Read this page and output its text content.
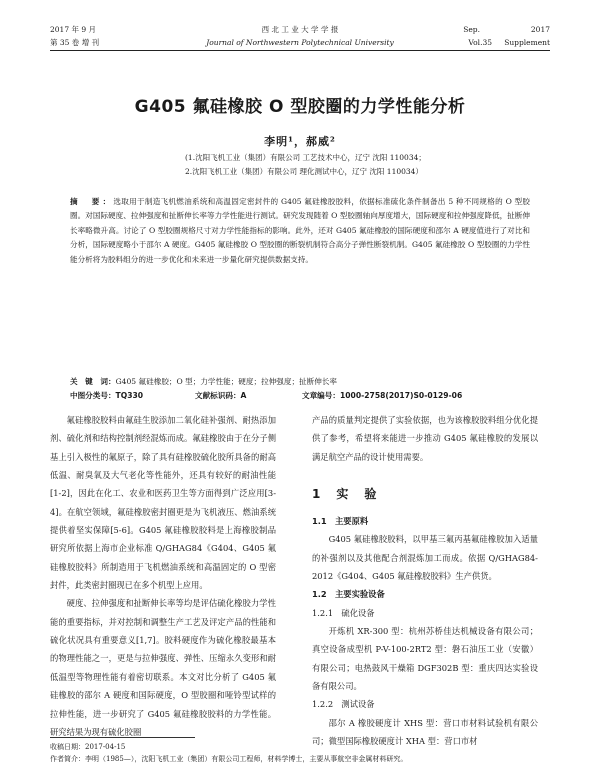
2017 年 9 月	西 北 工 业 大 学 学 报	Sep.	2017
第 35 卷 增 刊	Journal of Northwestern Polytechnical University	Vol.35 Supplement
G405 氟硅橡胶 O 型胶圈的力学性能分析
李明¹，郝威²
(1.沈阳飞机工业（集团）有限公司 工艺技术中心，辽宁 沈阳 110034；
2.沈阳飞机工业（集团）有限公司 理化测试中心，辽宁 沈阳 110034）
摘　要：选取用于制造飞机燃油系统和高温固定密封件的 G405 氟硅橡胶胶料，依据标准硫化条件制备出 5 种不同规格的 O 型胶圈。对国际硬度、拉伸强度和扯断伸长率等力学性能进行测试。研究发现随着 O 型胶圈轴向厚度增大，国际硬度和拉伸强度降低，扯断伸长率略微升高。讨论了 O 型胶圈规格尺寸对力学性能指标的影响。此外，还对 G405 氟硅橡胶的国际硬度和邵尔 A 硬度值进行了对比和分析，国际硬度略小于邵尔 A 硬度。G405 氟硅橡胶 O 型胶圈的断裂机制符合高分子弹性断裂机制。G405 氟硅橡胶 O 型胶圈的力学性能分析将为胶料组分的进一步优化和未来进一步量化研究提供数据支持。
关　键　词：G405 氟硅橡胶；O 型；力学性能；硬度；拉伸强度；扯断伸长率
中图分类号：TQ330	文献标识码：A	文章编号：1000-2758(2017)S0-0129-06

氟硅橡胶胶料由氟硅生胶添加二氧化硅补强剂、耐热添加剂、硫化剂和结构控制剂经混炼而成。氟硅橡胶由于在分子侧基上引入极性的氟原子，除了具有硅橡胶硫化胶所具备的耐高低温、耐臭氧及大气老化等性能外，还具有较好的耐油性能[1-2]，因此在化工、农业和医药卫生等方面得到广泛应用[3-4]。在航空领域，氟硅橡胶密封圈更是为飞机液压、燃油系统提供着坚实保障[5-6]。G405 氟硅橡胶胶料是上海橡胶制品研究所依据上海市企业标准 Q/GHAG84《G404、G405 氟硅橡胶胶料》所制造用于飞机燃油系统和高温固定的 O 型密封件，此类密封圈现已在多个机型上应用。

硬度、拉伸强度和扯断伸长率等均是评估硫化橡胶力学性能的重要指标，并对控制和调整生产工艺及评定产品的性能和硫化状况具有重要意义[1,7]。胶料硬度作为硫化橡胶最基本的物理性能之一，更是与拉伸强度、弹性、压缩永久变形和耐低温型等物理性能有着密切联系。本文对比分析了 G405 氟硅橡胶的邵尔 A 硬度和国际硬度，O 型胶圈和哑铃型试样的拉伸性能，进一步研究了 G405 氟硅橡胶胶料的力学性能。研究结果为现有硫化胶圈

产品的质量判定提供了实验依据，也为该橡胶胶料组分优化提供了参考，希望将来能进一步推动 G405 氟硅橡胶的发展以满足航空产品的设计使用需要。

1　实　验
1.1　主要原料

G405 氟硅橡胶胶料，以甲基三氟丙基氟硅橡胶加入适量的补强剂以及其他配合剂混炼加工而成。依据 Q/GHAG84-2012《G404、G405 氟硅橡胶胶料》生产供货。

1.2　主要实验设备
1.2.1　硫化设备

开炼机 XR-300 型：杭州苏桥佳达机械设备有限公司；真空设备成型机 P-V-100-2RT2 型：磐石油压工业（安徽）有限公司；电热鼓风干燥箱 DGF302B 型：重庆四达实验设备有限公司。

1.2.2　测试设备

邵尔 A 橡胶硬度计 XHS 型：营口市材料试验机有限公司；微型国际橡胶硬度计 XHA 型：营口市材

收稿日期：2017-04-15
作者简介：李明（1985—），沈阳飞机工业（集团）有限公司工程师，材料学博士，主要从事航空非金属材料研究。
